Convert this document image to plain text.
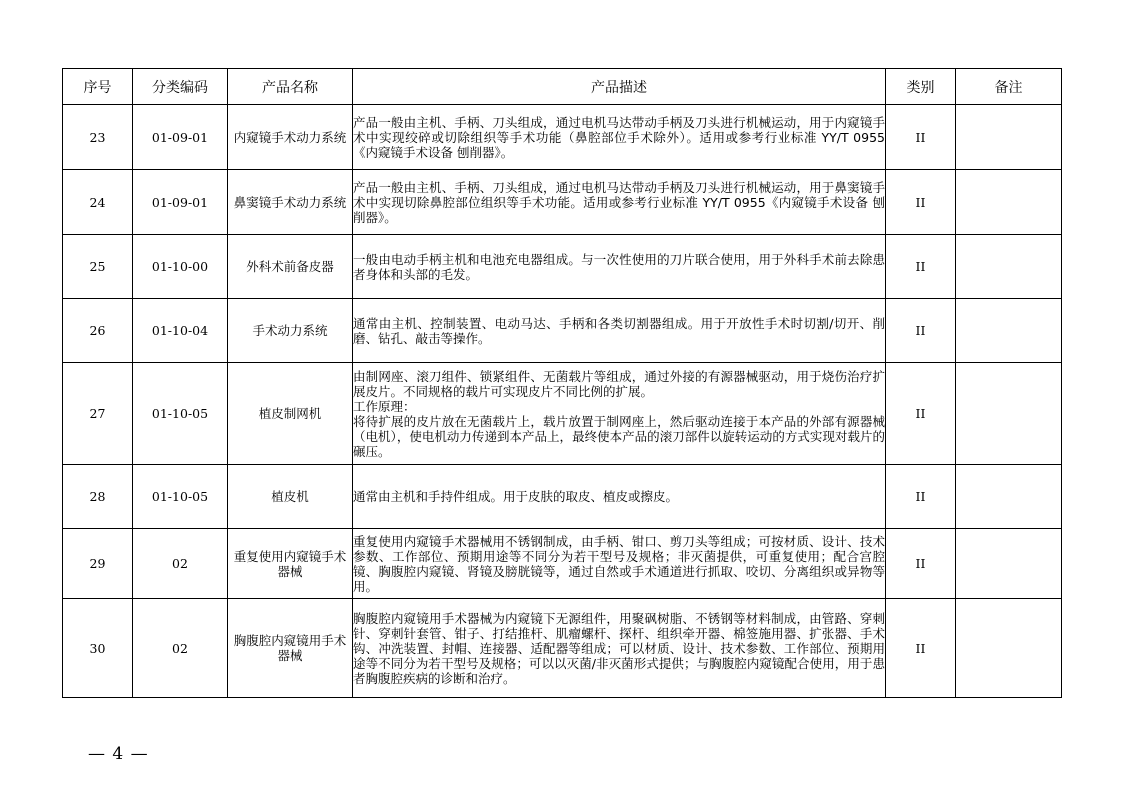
序号	分类编码	产品名称	产品描述	类别	备注
23	01-09-01	内窥镜手术动力系统	产品一般由主机、手柄、刀头组成，通过电机马达带动手柄及刀头进行机械运动，用于内窥镜手术中实现绞碎或切除组织等手术功能（鼻腔部位手术除外）。适用或参考行业标准 YY/T 0955《内窥镜手术设备 刨削器》。	II	
24	01-09-01	鼻窦镜手术动力系统	产品一般由主机、手柄、刀头组成，通过电机马达带动手柄及刀头进行机械运动，用于鼻窦镜手术中实现切除鼻腔部位组织等手术功能。适用或参考行业标准 YY/T 0955《内窥镜手术设备 刨削器》。	II	
25	01-10-00	外科术前备皮器	一般由电动手柄主机和电池充电器组成。与一次性使用的刀片联合使用，用于外科手术前去除患者身体和头部的毛发。	II	
26	01-10-04	手术动力系统	通常由主机、控制装置、电动马达、手柄和各类切割器组成。用于开放性手术时切割/切开、削磨、钻孔、敲击等操作。	II	
27	01-10-05	植皮制网机	由制网座、滚刀组件、锁紧组件、无菌载片等组成，通过外接的有源器械驱动，用于烧伤治疗扩展皮片。不同规格的载片可实现皮片不同比例的扩展。
工作原理：
将待扩展的皮片放在无菌载片上，载片放置于制网座上，然后驱动连接于本产品的外部有源器械（电机），使电机动力传递到本产品上，最终使本产品的滚刀部件以旋转运动的方式实现对载片的碾压。	II	
28	01-10-05	植皮机	通常由主机和手持件组成。用于皮肤的取皮、植皮或擦皮。	II	
29	02	重复使用内窥镜手术器械	重复使用内窥镜手术器械用不锈钢制成，由手柄、钳口、剪刀头等组成；可按材质、设计、技术参数、工作部位、预期用途等不同分为若干型号及规格；非灭菌提供，可重复使用；配合宫腔镜、胸腹腔内窥镜、肾镜及膀胱镜等，通过自然或手术通道进行抓取、咬切、分离组织或异物等用。	II	
30	02	胸腹腔内窥镜用手术器械	胸腹腔内窥镜用手术器械为内窥镜下无源组件，用聚砜树脂、不锈钢等材料制成，由管路、穿刺针、穿刺针套管、钳子、打结推杆、肌瘤螺杆、探杆、组织牵开器、棉签施用器、扩张器、手术钩、冲洗装置、封帽、连接器、适配器等组成；可以材质、设计、技术参数、工作部位、预期用途等不同分为若干型号及规格；可以以灭菌/非灭菌形式提供；与胸腹腔内窥镜配合使用，用于患者胸腹腔疾病的诊断和治疗。	II	
— 4 —
